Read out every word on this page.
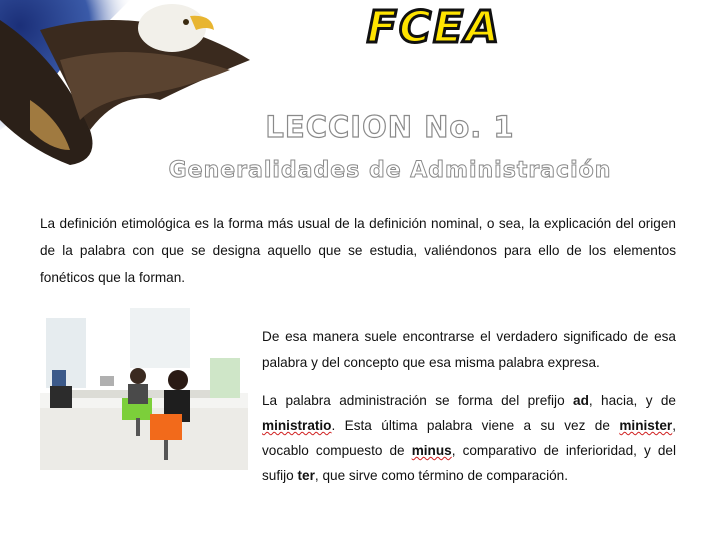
FCEA
LECCION No. 1
Generalidades de Administración

La definición etimológica es la forma más usual de la definición nominal, o sea, la explicación del origen de la palabra con que se designa aquello que se estudia, valiéndonos para ello de los elementos fonéticos que la forman.

De esa manera suele encontrarse el verdadero significado de esa palabra y del concepto que esa misma palabra expresa.

La palabra administración se forma del prefijo ad, hacia, y de ministratio. Esta última palabra viene a su vez de minister, vocablo compuesto de minus, comparativo de inferioridad, y del sufijo ter, que sirve como término de comparación.
